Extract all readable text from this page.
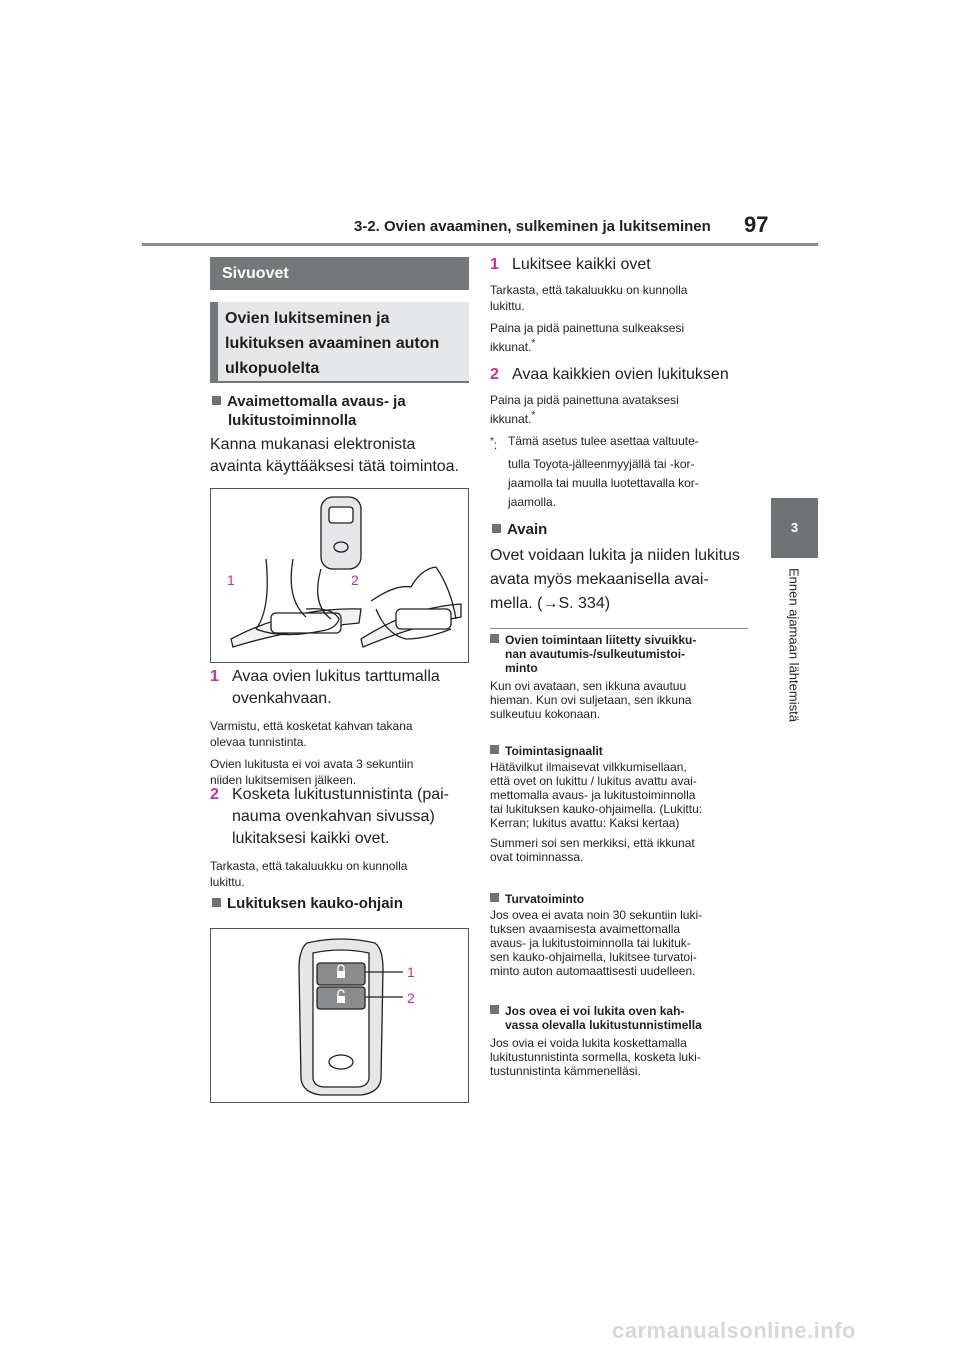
3-2. Ovien avaaminen, sulkeminen ja lukitseminen 97
3
Ennen ajamaan lähtemistä
Sivuovet
Ovien lukitseminen ja
lukituksen avaaminen auton
ulkopuolelta
Avaimettomalla avaus- ja
lukitustoiminnolla
Kanna mukanasi elektronista
avainta käyttääksesi tätä toimintoa.
1	2
1 Avaa ovien lukitus tarttumalla
ovenkahvaan.
Varmistu, että kosketat kahvan takana
olevaa tunnistinta.
Ovien lukitusta ei voi avata 3 sekuntiin
niiden lukitsemisen jälkeen.
2 Kosketa lukitustunnistinta (pai-
nauma ovenkahvan sivussa)
lukitaksesi kaikki ovet.
Tarkasta, että takaluukku on kunnolla
lukittu.
Lukituksen kauko-ohjain
1
2
1 Lukitsee kaikki ovet
Tarkasta, että takaluukku on kunnolla
lukittu.
Paina ja pidä painettuna sulkeaksesi
ikkunat.*
2 Avaa kaikkien ovien lukituksen
Paina ja pidä painettuna avataksesi
ikkunat.*
*: Tämä asetus tulee asettaa valtuute-
tulla Toyota-jälleenmyyjällä tai -kor-
jaamolla tai muulla luotettavalla kor-
jaamolla.
Avain
Ovet voidaan lukita ja niiden lukitus
avata myös mekaanisella avai-
mella. (→S. 334)
Ovien toimintaan liitetty sivuikku-
nan avautumis-/sulkeutumistoi-
minto
Kun ovi avataan, sen ikkuna avautuu
hieman. Kun ovi suljetaan, sen ikkuna
sulkeutuu kokonaan.
Toimintasignaalit
Hätävilkut ilmaisevat vilkkumisellaan,
että ovet on lukittu / lukitus avattu avai-
mettomalla avaus- ja lukitustoiminnolla
tai lukituksen kauko-ohjaimella. (Lukittu:
Kerran; lukitus avattu: Kaksi kertaa)
Summeri soi sen merkiksi, että ikkunat
ovat toiminnassa.
Turvatoiminto
Jos ovea ei avata noin 30 sekuntiin luki-
tuksen avaamisesta avaimettomalla
avaus- ja lukitustoiminnolla tai lukituk-
sen kauko-ohjaimella, lukitsee turvatoi-
minto auton automaattisesti uudelleen.
Jos ovea ei voi lukita oven kah-
vassa olevalla lukitustunnistimella
Jos ovia ei voida lukita koskettamalla
lukitustunnistinta sormella, kosketa luki-
tustunnistinta kämmenelläsi.
carmanualsonline.info
